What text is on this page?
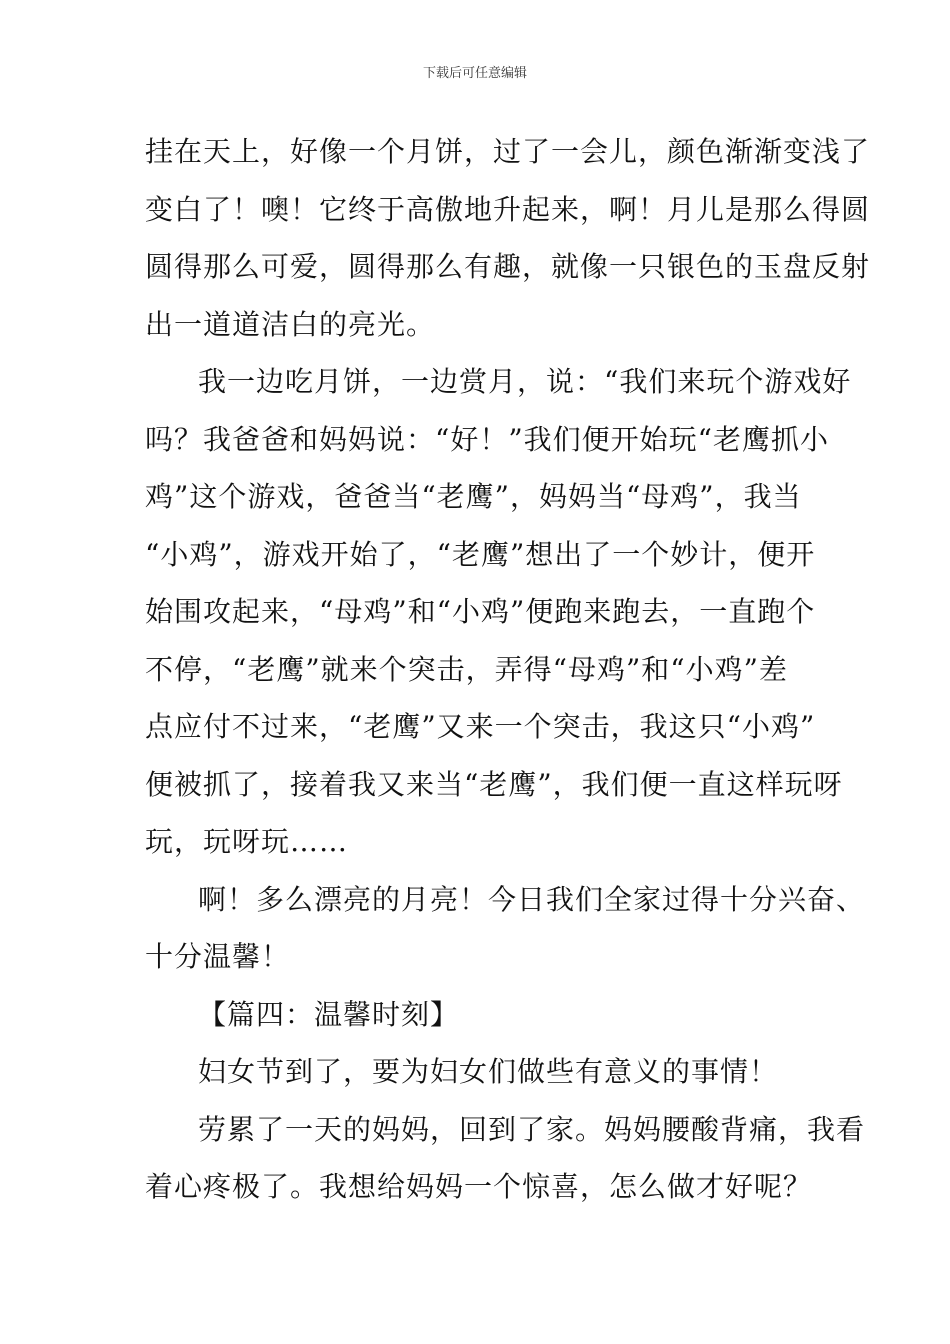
下载后可任意编辑
挂在天上，好像一个月饼，过了一会儿，颜色渐渐变浅了
变白了！噢！它终于高傲地升起来，啊！月儿是那么得圆
圆得那么可爱，圆得那么有趣，就像一只银色的玉盘反射
出一道道洁白的亮光。
我一边吃月饼，一边赏月，说：“我们来玩个游戏好
吗？我爸爸和妈妈说：“好！”我们便开始玩“老鹰抓小
鸡”这个游戏，爸爸当“老鹰”，妈妈当“母鸡”，我当
“小鸡”，游戏开始了，“老鹰”想出了一个妙计，便开
始围攻起来，“母鸡”和“小鸡”便跑来跑去，一直跑个
不停，“老鹰”就来个突击，弄得“母鸡”和“小鸡”差
点应付不过来，“老鹰”又来一个突击，我这只“小鸡”
便被抓了，接着我又来当“老鹰”，我们便一直这样玩呀
玩，玩呀玩……
啊！多么漂亮的月亮！今日我们全家过得十分兴奋、
十分温馨！
【篇四：温馨时刻】
妇女节到了，要为妇女们做些有意义的事情！
劳累了一天的妈妈，回到了家。妈妈腰酸背痛，我看
着心疼极了。我想给妈妈一个惊喜，怎么做才好呢？
